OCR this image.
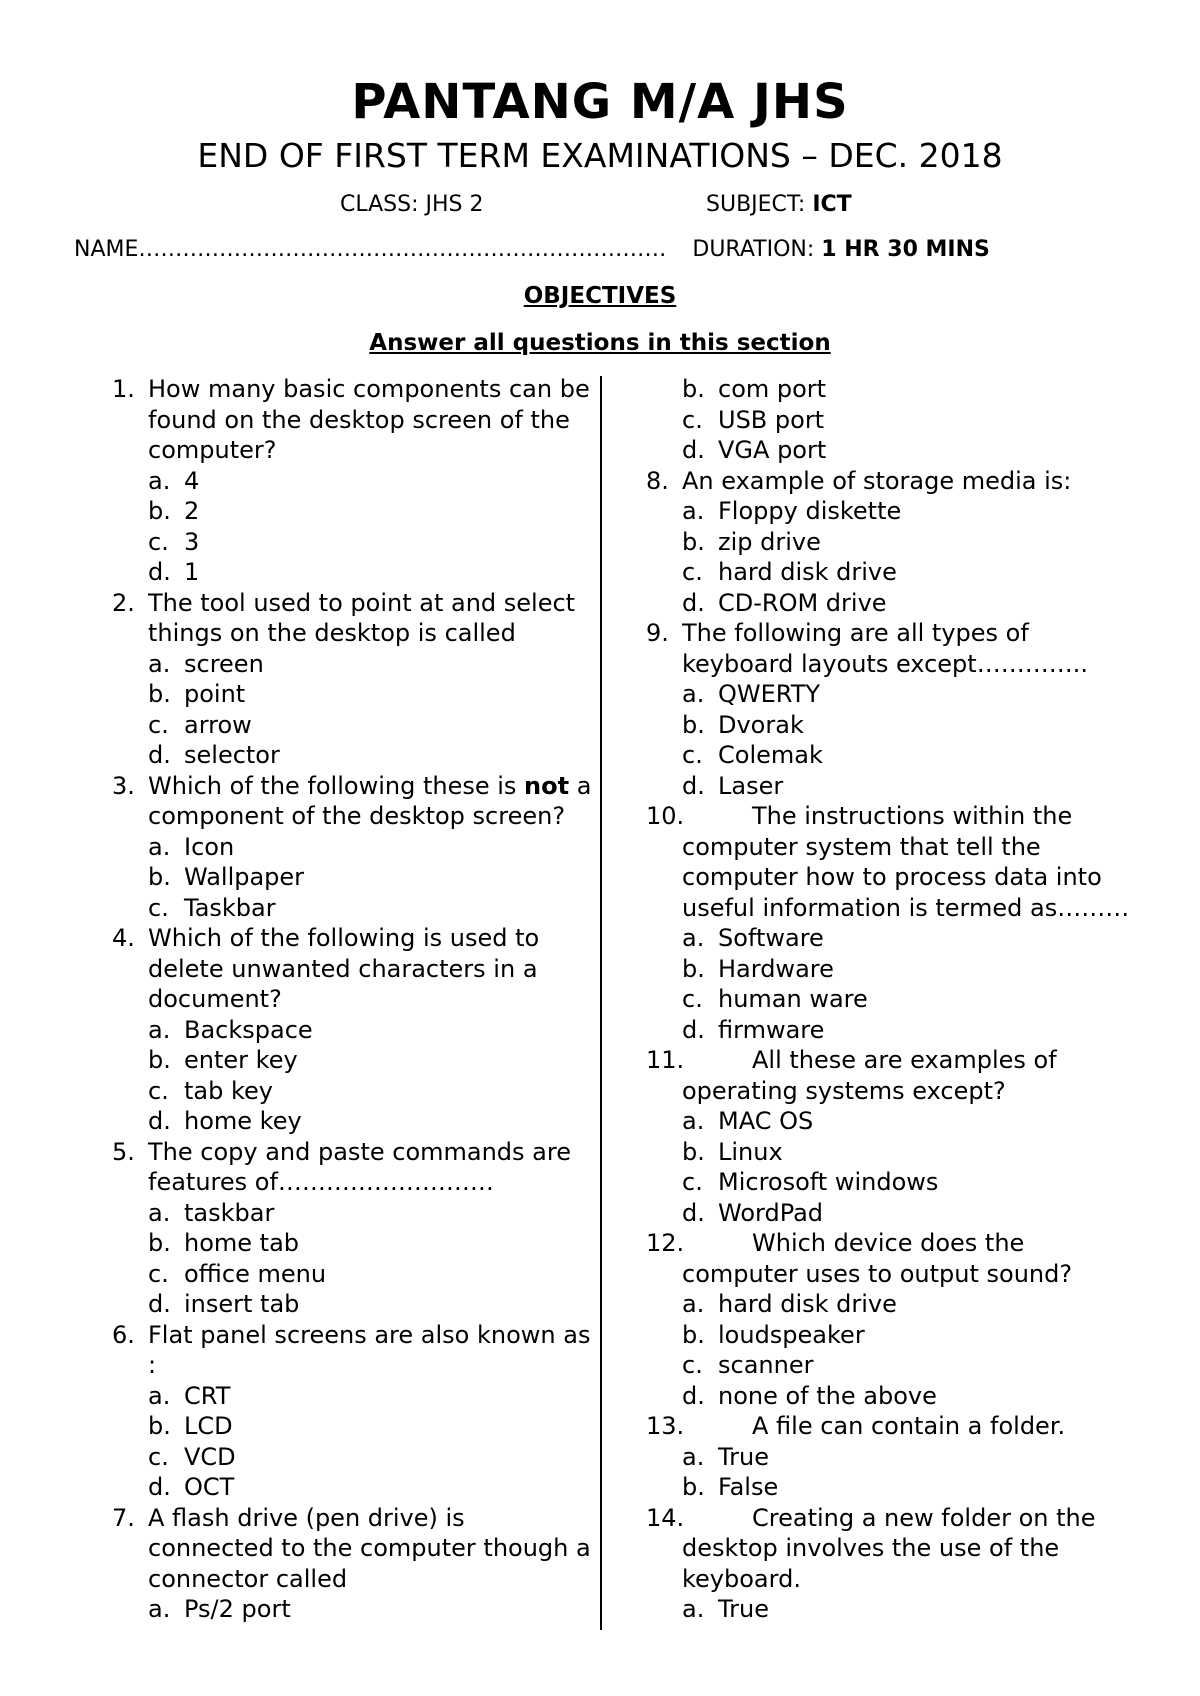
PANTANG M/A JHS
END OF FIRST TERM EXAMINATIONS – DEC. 2018
CLASS: JHS 2	SUBJECT: ICT
NAME……………………………………………………………… DURATION: 1 HR 30 MINS
OBJECTIVES
Answer all questions in this section
1. How many basic components can be
found on the desktop screen of the
computer?
a. 4
b. 2
c. 3
d. 1
2. The tool used to point at and select
things on the desktop is called
a. screen
b. point
c. arrow
d. selector
3. Which of the following these is not a
component of the desktop screen?
a. Icon
b. Wallpaper
c. Taskbar
4. Which of the following is used to
delete unwanted characters in a
document?
a. Backspace
b. enter key
c. tab key
d. home key
5. The copy and paste commands are
features of………………………
a. taskbar
b. home tab
c. office menu
d. insert tab
6. Flat panel screens are also known as
:
a. CRT
b. LCD
c. VCD
d. OCT
7. A flash drive (pen drive) is
connected to the computer though a
connector called
a. Ps/2 port
b. com port
c. USB port
d. VGA port
8. An example of storage media is:
a. Floppy diskette
b. zip drive
c. hard disk drive
d. CD-ROM drive
9. The following are all types of
keyboard layouts except…………..
a. QWERTY
b. Dvorak
c. Colemak
d. Laser
10.	The instructions within the
computer system that tell the
computer how to process data into
useful information is termed as………
a. Software
b. Hardware
c. human ware
d. firmware
11.	All these are examples of
operating systems except?
a. MAC OS
b. Linux
c. Microsoft windows
d. WordPad
12.	Which device does the
computer uses to output sound?
a. hard disk drive
b. loudspeaker
c. scanner
d. none of the above
13.	A file can contain a folder.
a. True
b. False
14.	Creating a new folder on the
desktop involves the use of the
keyboard.
a. True
